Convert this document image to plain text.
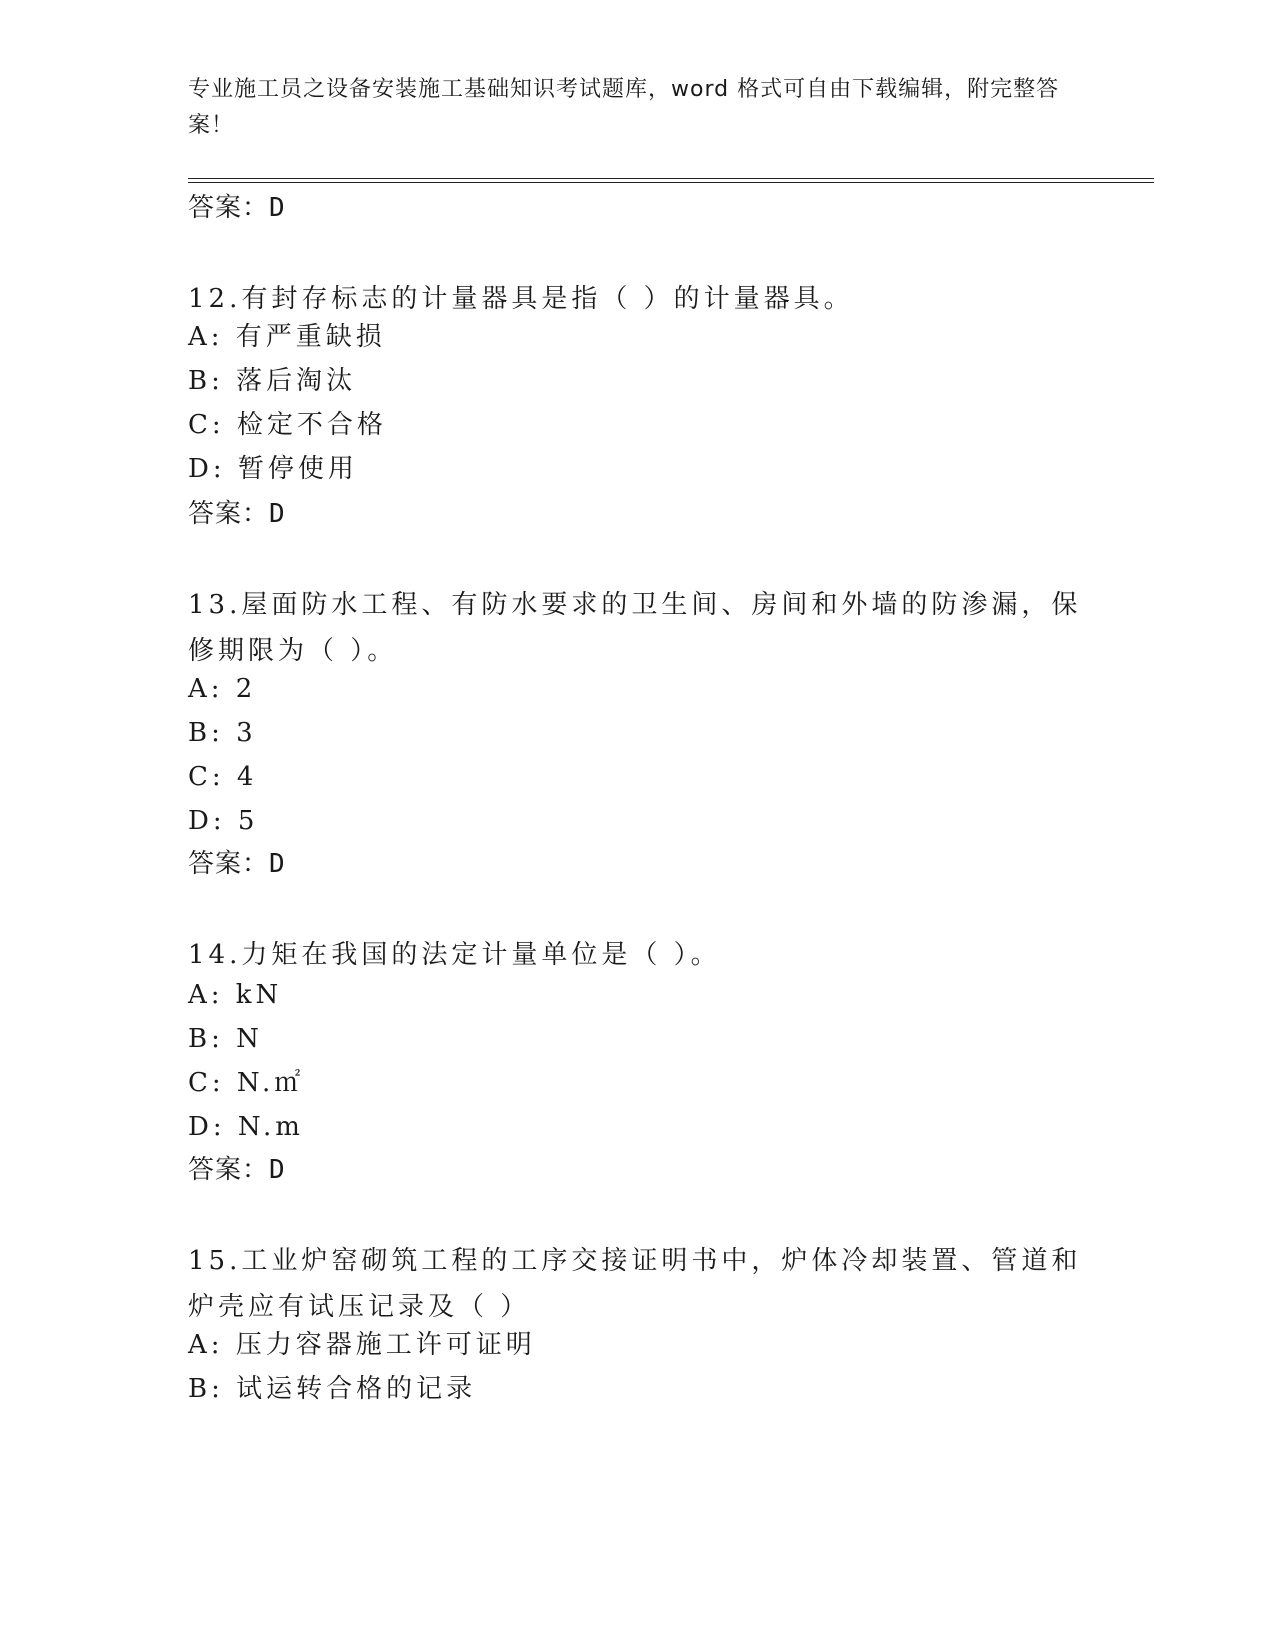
专业施工员之设备安装施工基础知识考试题库，word 格式可自由下载编辑，附完整答案！
答案：D
12.有封存标志的计量器具是指（ ）的计量器具。
A: 有严重缺损
B: 落后淘汰
C: 检定不合格
D: 暂停使用
答案：D
13.屋面防水工程、有防水要求的卫生间、房间和外墙的防渗漏，保修期限为（ ）。
A: 2
B: 3
C: 4
D: 5
答案：D
14.力矩在我国的法定计量单位是（ ）。
A: kN
B: N
C: N.㎡
D: N.m
答案：D
15.工业炉窑砌筑工程的工序交接证明书中，炉体冷却装置、管道和炉壳应有试压记录及（ ）
A: 压力容器施工许可证明
B: 试运转合格的记录
